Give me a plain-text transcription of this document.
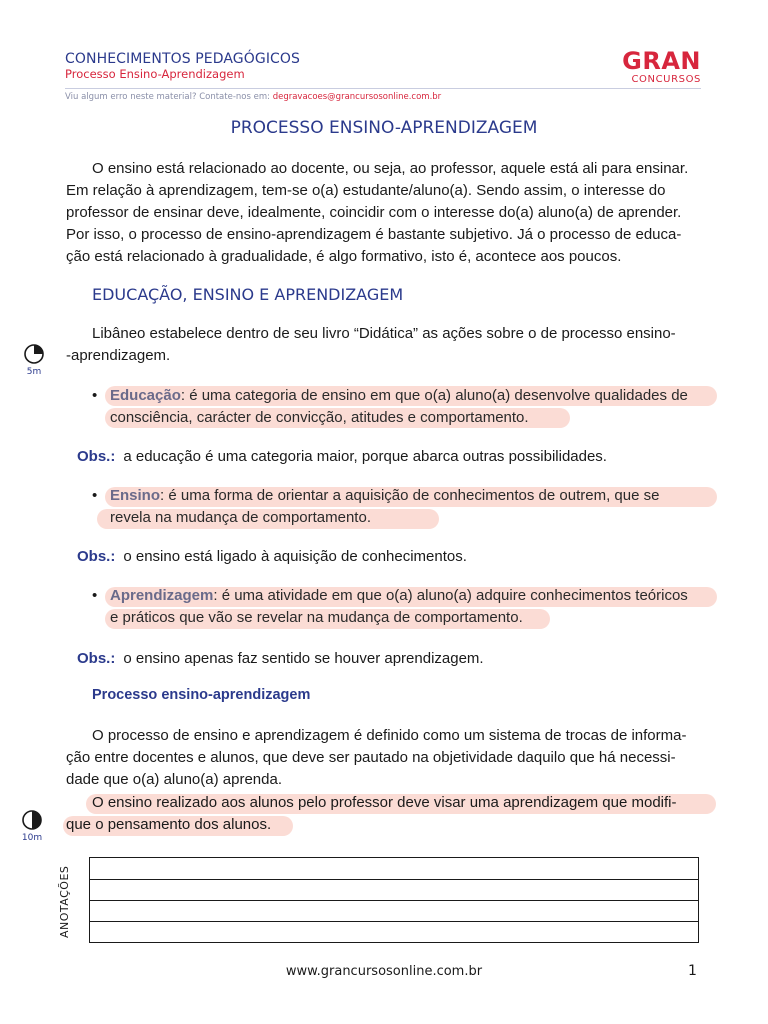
CONHECIMENTOS PEDAGÓGICOS
Processo Ensino-Aprendizagem	GRAN
CONCURSOS
Viu algum erro neste material? Contate-nos em: degravacoes@grancursosonline.com.br
PROCESSO ENSINO-APRENDIZAGEM
O ensino está relacionado ao docente, ou seja, ao professor, aquele está ali para ensinar.
Em relação à aprendizagem, tem-se o(a) estudante/aluno(a). Sendo assim, o interesse do
professor de ensinar deve, idealmente, coincidir com o interesse do(a) aluno(a) de aprender.
Por isso, o processo de ensino-aprendizagem é bastante subjetivo. Já o processo de educa-
ção está relacionado à gradualidade, é algo formativo, isto é, acontece aos poucos.
EDUCAÇÃO, ENSINO E APRENDIZAGEM
5m
Libâneo estabelece dentro de seu livro “Didática” as ações sobre o de processo ensino-
-aprendizagem.
• Educação: é uma categoria de ensino em que o(a) aluno(a) desenvolve qualidades de
consciência, carácter de convicção, atitudes e comportamento.
Obs.: a educação é uma categoria maior, porque abarca outras possibilidades.
• Ensino: é uma forma de orientar a aquisição de conhecimentos de outrem, que se
revela na mudança de comportamento.
Obs.: o ensino está ligado à aquisição de conhecimentos.
• Aprendizagem: é uma atividade em que o(a) aluno(a) adquire conhecimentos teóricos
e práticos que vão se revelar na mudança de comportamento.
Obs.: o ensino apenas faz sentido se houver aprendizagem.
Processo ensino-aprendizagem
O processo de ensino e aprendizagem é definido como um sistema de trocas de informa-
ção entre docentes e alunos, que deve ser pautado na objetividade daquilo que há necessi-
dade que o(a) aluno(a) aprenda.
O ensino realizado aos alunos pelo professor deve visar uma aprendizagem que modifi-
que o pensamento dos alunos.
10m
ANOTAÇÕES
www.grancursosonline.com.br	1
